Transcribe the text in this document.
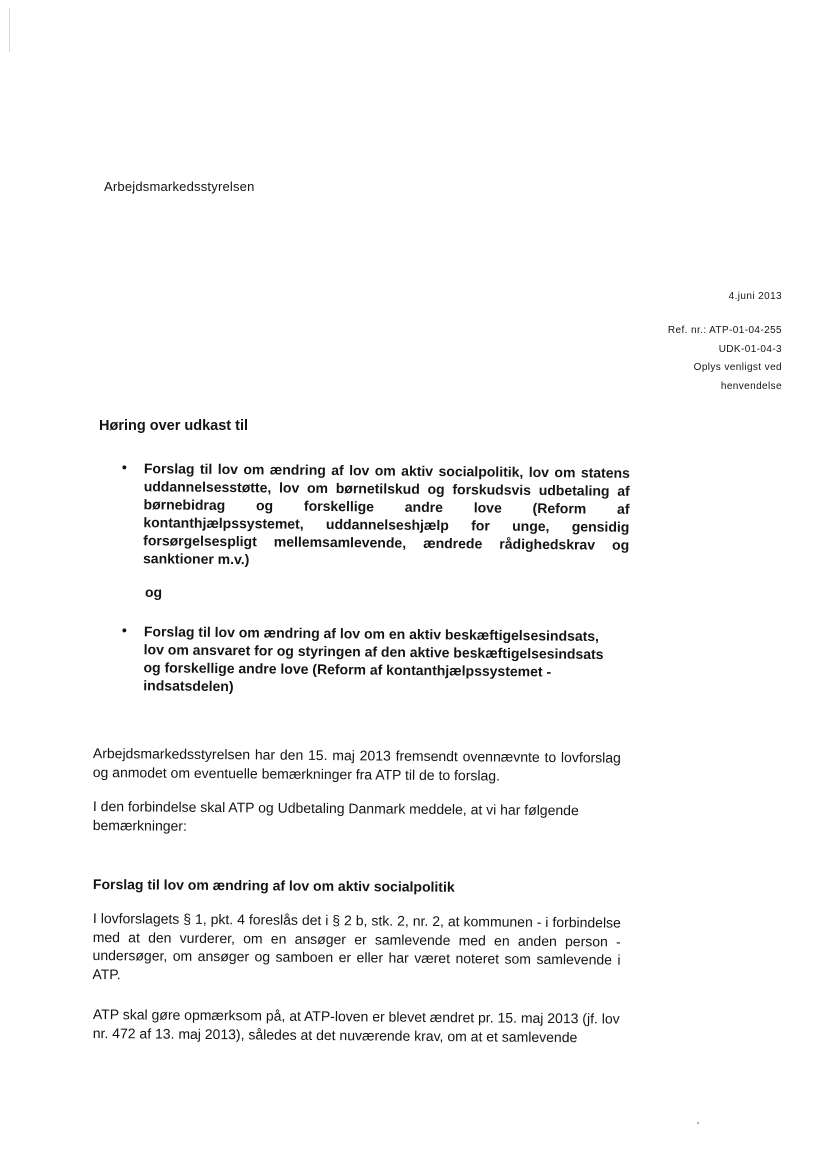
Arbejdsmarkedsstyrelsen

4.juni 2013
Ref. nr.: ATP-01-04-255
UDK-01-04-3
Oplys venligst ved
henvendelse
Høring over udkast til
• Forslag til lov om ændring af lov om aktiv socialpolitik, lov om statens uddannelsesstøtte, lov om børnetilskud og forskudsvis udbetaling af børnebidrag og forskellige andre love (Reform af kontanthjælpssystemet, uddannelseshjælp for unge, gensidig forsørgelsespligt mellemsamlevende, ændrede rådighedskrav og sanktioner m.v.)
og
• Forslag til lov om ændring af lov om en aktiv beskæftigelsesindsats, lov om ansvaret for og styringen af den aktive beskæftigelsesindsats og forskellige andre love (Reform af kontanthjælpssystemet - indsatsdelen)

Arbejdsmarkedsstyrelsen har den 15. maj 2013 fremsendt ovennævnte to lovforslag og anmodet om eventuelle bemærkninger fra ATP til de to forslag.

I den forbindelse skal ATP og Udbetaling Danmark meddele, at vi har følgende bemærkninger:

Forslag til lov om ændring af lov om aktiv socialpolitik

I lovforslagets § 1, pkt. 4 foreslås det i § 2 b, stk. 2, nr. 2, at kommunen - i forbindelse med at den vurderer, om en ansøger er samlevende med en anden person - undersøger, om ansøger og samboen er eller har været noteret som samlevende i ATP.

ATP skal gøre opmærksom på, at ATP-loven er blevet ændret pr. 15. maj 2013 (jf. lov nr. 472 af 13. maj 2013), således at det nuværende krav, om at et samlevende
